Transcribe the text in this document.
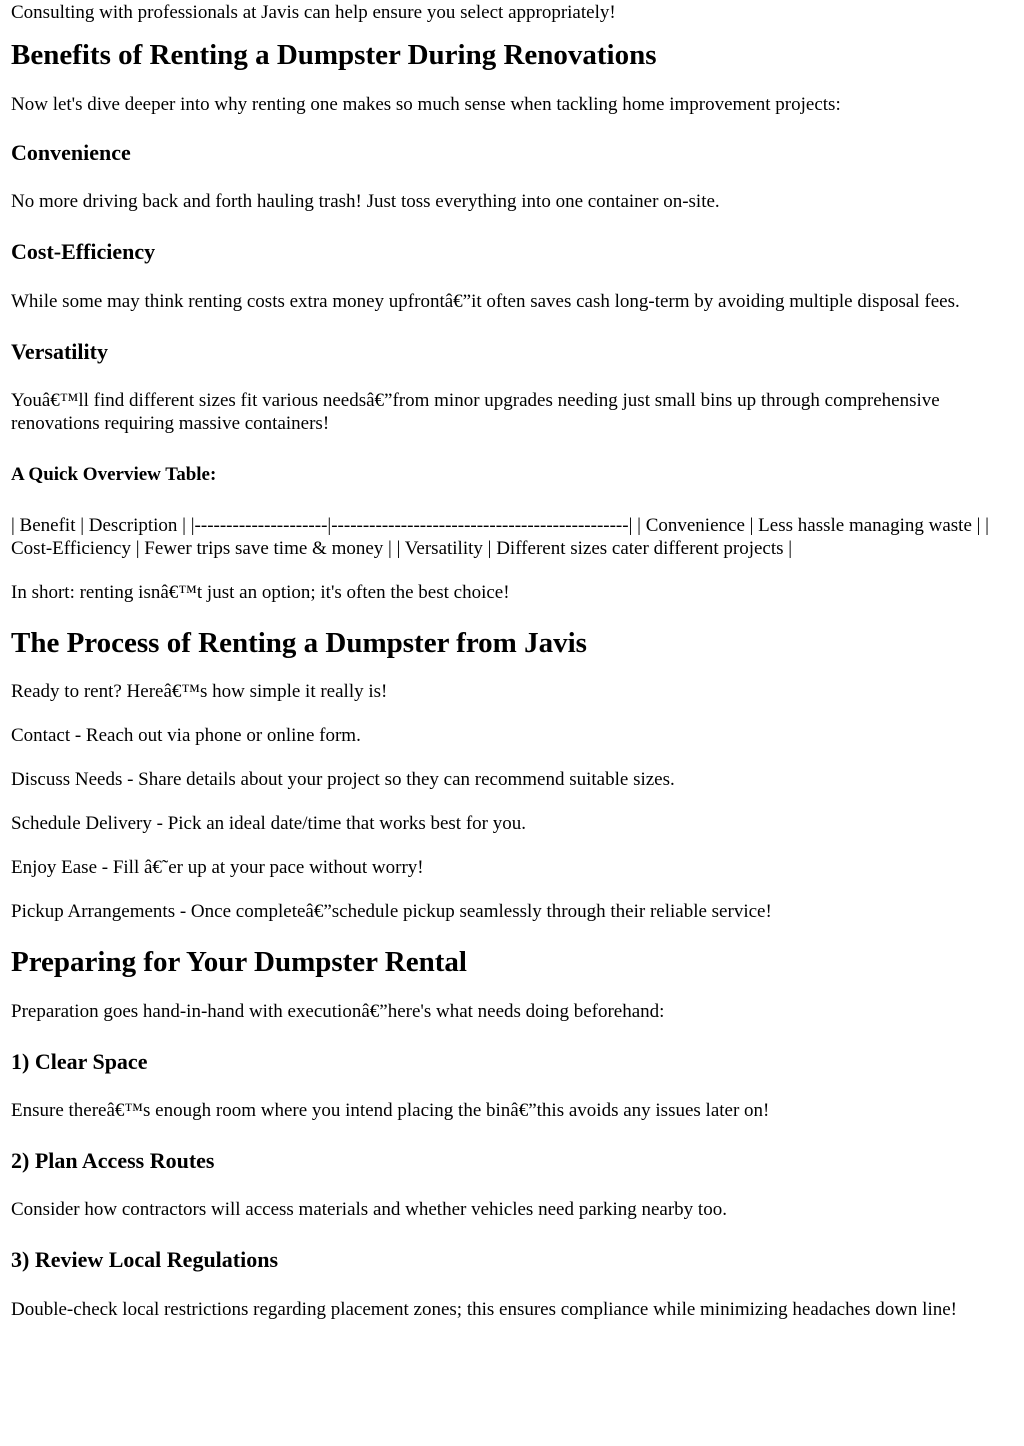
Consulting with professionals at Javis can help ensure you select appropriately!

Benefits of Renting a Dumpster During Renovations

Now let's dive deeper into why renting one makes so much sense when tackling home improvement projects:

Convenience

No more driving back and forth hauling trash! Just toss everything into one container on-site.

Cost-Efficiency

While some may think renting costs extra money upfrontâ€”it often saves cash long-term by avoiding multiple disposal fees.

Versatility

Youâ€™ll find different sizes fit various needsâ€”from minor upgrades needing just small bins up through comprehensive renovations requiring massive containers!

A Quick Overview Table:

| Benefit | Description | |---------------------|-----------------------------------------------| | Convenience | Less hassle managing waste | | Cost-Efficiency | Fewer trips save time & money | | Versatility | Different sizes cater different projects |

In short: renting isnâ€™t just an option; it's often the best choice!

The Process of Renting a Dumpster from Javis

Ready to rent? Hereâ€™s how simple it really is!

Contact - Reach out via phone or online form.

Discuss Needs - Share details about your project so they can recommend suitable sizes.

Schedule Delivery - Pick an ideal date/time that works best for you.

Enjoy Ease - Fill â€˜er up at your pace without worry!

Pickup Arrangements - Once completeâ€”schedule pickup seamlessly through their reliable service!

Preparing for Your Dumpster Rental

Preparation goes hand-in-hand with executionâ€”here's what needs doing beforehand:

1) Clear Space

Ensure thereâ€™s enough room where you intend placing the binâ€”this avoids any issues later on!

2) Plan Access Routes

Consider how contractors will access materials and whether vehicles need parking nearby too.

3) Review Local Regulations

Double-check local restrictions regarding placement zones; this ensures compliance while minimizing headaches down line!
